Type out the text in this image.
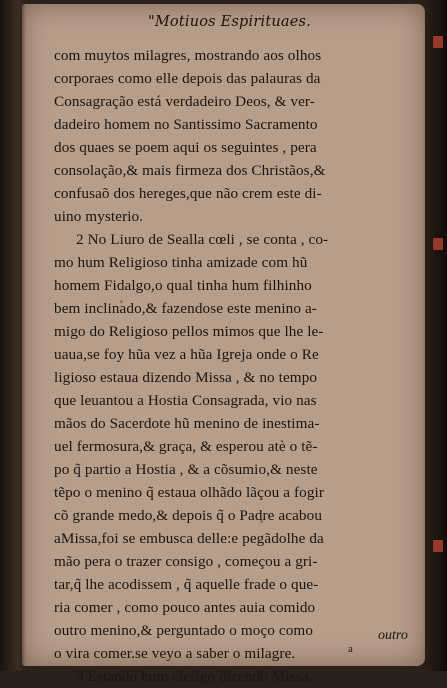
"Motiuos Espirituaes.
com muytos milagres, mostrando aos olhos
corporaes como elle depois das palauras da
Consagração está verdadeiro Deos, & ver-
dadeiro homem no Santissimo Sacramento
dos quaes se poem aqui os seguintes , pera
consolação,& mais firmeza dos Christãos,&
confusaõ dos hereges,que não crem este di-
uino mysterio.
2 No Liuro de Sealla cœli , se conta , co-
mo hum Religioso tinha amizade com hũ
homem Fidalgo,o qual tinha hum filhinho
bem inclinado,& fazendose este menino a-
migo do Religioso pellos mimos que lhe le-
uaua,se foy hũa vez a hũa Igreja onde o Re
ligioso estaua dizendo Missa , & no tempo
que leuantou a Hostia Consagrada, vio nas
mãos do Sacerdote hũ menino de inestima-
uel fermosura,& graça, & esperou atè o tẽ-
po q̃ partio a Hostia , & a cõsumio,& neste
tẽpo o menino q̃ estaua olhãdo lãçou a fogir
cõ grande medo,& depois q̃ o Padre acabou
aMissa,foi se embusca delle:e pegãdolhe da
mão pera o trazer consigo , começou a gri-
tar,q̃ lhe acodissem , q̃ aquelle frade o que-
ria comer , como pouco antes auia comido
outro menino,& perguntado o moço como
o vira comer.se veyo a saber o milagre.
3 Estando hum clerigo dizendo Missa,
outro
a
